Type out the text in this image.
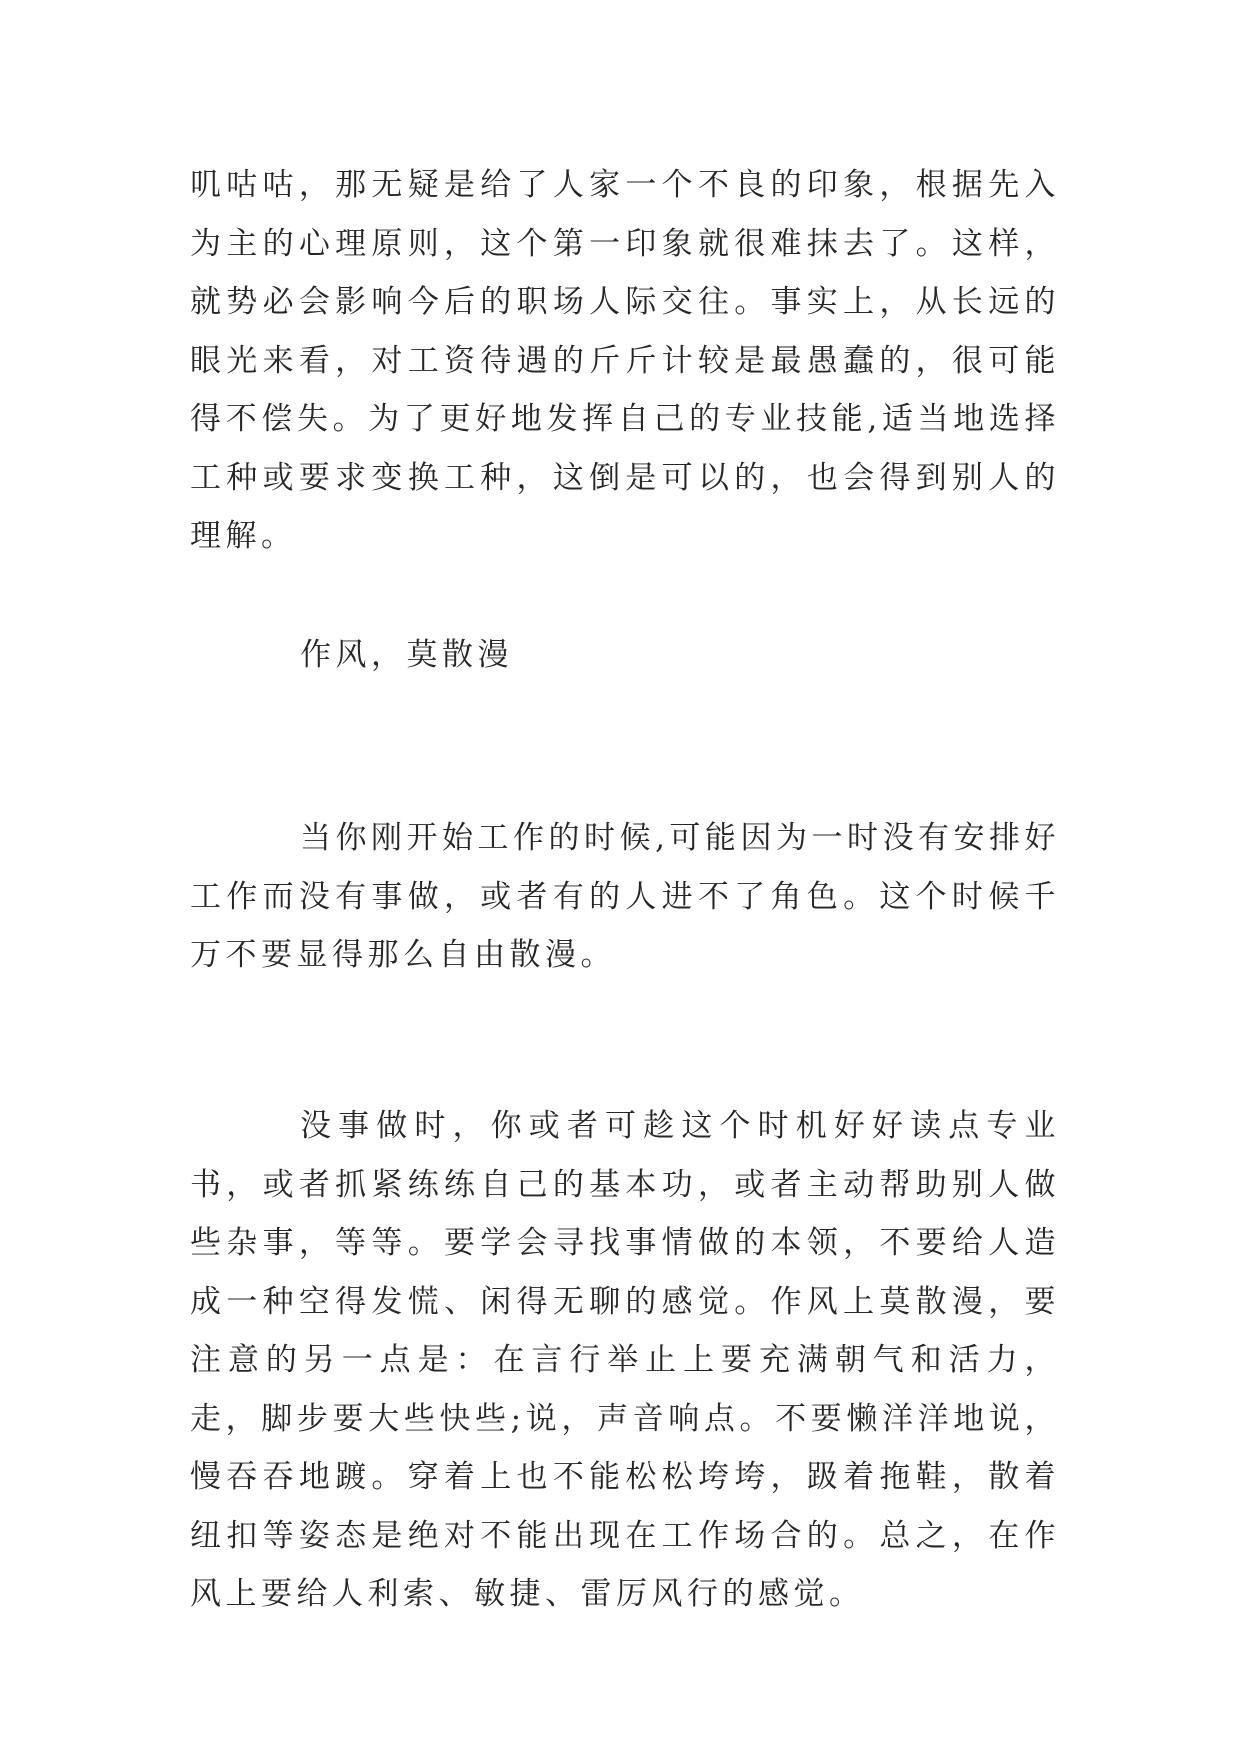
叽咕咕，那无疑是给了人家一个不良的印象，根据先入为主的心理原则，这个第一印象就很难抹去了。这样，就势必会影响今后的职场人际交往。事实上，从长远的眼光来看，对工资待遇的斤斤计较是最愚蠢的，很可能得不偿失。为了更好地发挥自己的专业技能,适当地选择工种或要求变换工种，这倒是可以的，也会得到别人的理解。

作风，莫散漫

当你刚开始工作的时候,可能因为一时没有安排好工作而没有事做，或者有的人进不了角色。这个时候千万不要显得那么自由散漫。

没事做时，你或者可趁这个时机好好读点专业书，或者抓紧练练自己的基本功，或者主动帮助别人做些杂事，等等。要学会寻找事情做的本领，不要给人造成一种空得发慌、闲得无聊的感觉。作风上莫散漫，要注意的另一点是：在言行举止上要充满朝气和活力，走，脚步要大些快些;说，声音响点。不要懒洋洋地说，慢吞吞地踱。穿着上也不能松松垮垮，趿着拖鞋，散着纽扣等姿态是绝对不能出现在工作场合的。总之，在作风上要给人利索、敏捷、雷厉风行的感觉。
